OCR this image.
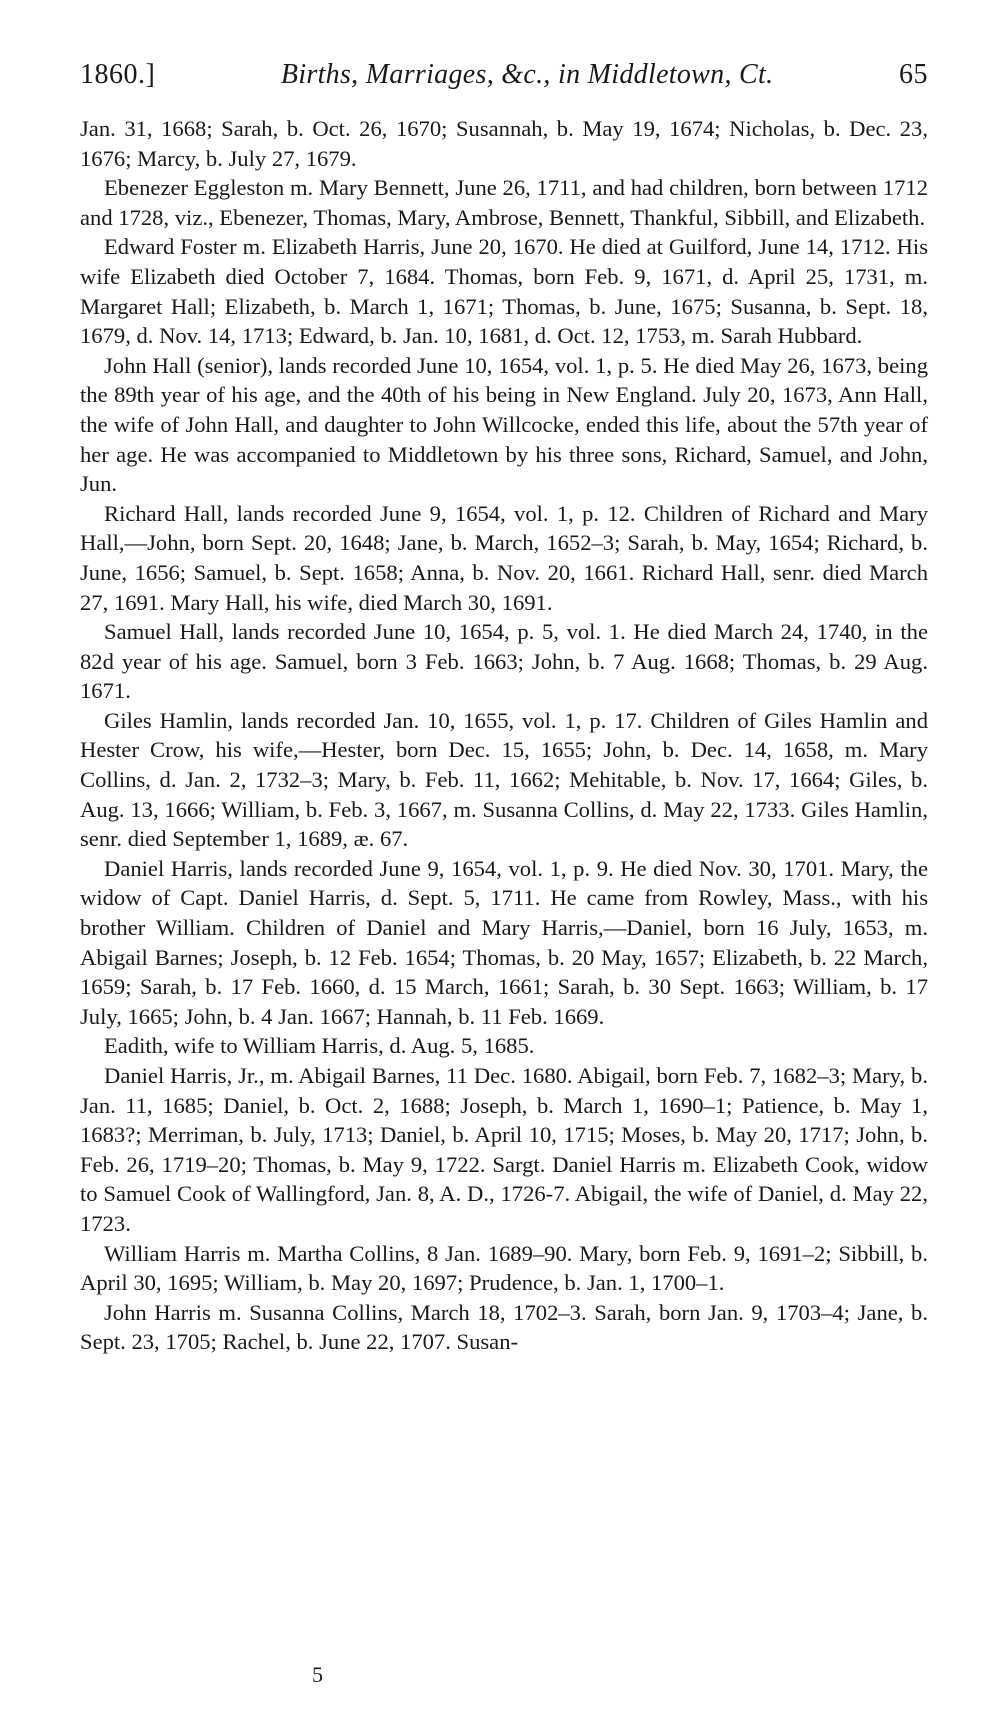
1860.]	Births, Marriages, &c., in Middletown, Ct.	65

Jan. 31, 1668; Sarah, b. Oct. 26, 1670; Susannah, b. May 19, 1674; Nicholas, b. Dec. 23, 1676; Marcy, b. July 27, 1679.

Ebenezer Eggleston m. Mary Bennett, June 26, 1711, and had children, born between 1712 and 1728, viz., Ebenezer, Thomas, Mary, Ambrose, Bennett, Thankful, Sibbill, and Elizabeth.

Edward Foster m. Elizabeth Harris, June 20, 1670. He died at Guilford, June 14, 1712. His wife Elizabeth died October 7, 1684. Thomas, born Feb. 9, 1671, d. April 25, 1731, m. Margaret Hall; Elizabeth, b. March 1, 1671; Thomas, b. June, 1675; Susanna, b. Sept. 18, 1679, d. Nov. 14, 1713; Edward, b. Jan. 10, 1681, d. Oct. 12, 1753, m. Sarah Hubbard.

John Hall (senior), lands recorded June 10, 1654, vol. 1, p. 5. He died May 26, 1673, being the 89th year of his age, and the 40th of his being in New England. July 20, 1673, Ann Hall, the wife of John Hall, and daughter to John Willcocke, ended this life, about the 57th year of her age. He was accompanied to Middletown by his three sons, Richard, Samuel, and John, Jun.

Richard Hall, lands recorded June 9, 1654, vol. 1, p. 12. Children of Richard and Mary Hall,—John, born Sept. 20, 1648; Jane, b. March, 1652–3; Sarah, b. May, 1654; Richard, b. June, 1656; Samuel, b. Sept. 1658; Anna, b. Nov. 20, 1661. Richard Hall, senr. died March 27, 1691. Mary Hall, his wife, died March 30, 1691.

Samuel Hall, lands recorded June 10, 1654, p. 5, vol. 1. He died March 24, 1740, in the 82d year of his age. Samuel, born 3 Feb. 1663; John, b. 7 Aug. 1668; Thomas, b. 29 Aug. 1671.

Giles Hamlin, lands recorded Jan. 10, 1655, vol. 1, p. 17. Children of Giles Hamlin and Hester Crow, his wife,—Hester, born Dec. 15, 1655; John, b. Dec. 14, 1658, m. Mary Collins, d. Jan. 2, 1732–3; Mary, b. Feb. 11, 1662; Mehitable, b. Nov. 17, 1664; Giles, b. Aug. 13, 1666; William, b. Feb. 3, 1667, m. Susanna Collins, d. May 22, 1733. Giles Hamlin, senr. died September 1, 1689, æ. 67.

Daniel Harris, lands recorded June 9, 1654, vol. 1, p. 9. He died Nov. 30, 1701. Mary, the widow of Capt. Daniel Harris, d. Sept. 5, 1711. He came from Rowley, Mass., with his brother William. Children of Daniel and Mary Harris,—Daniel, born 16 July, 1653, m. Abigail Barnes; Joseph, b. 12 Feb. 1654; Thomas, b. 20 May, 1657; Elizabeth, b. 22 March, 1659; Sarah, b. 17 Feb. 1660, d. 15 March, 1661; Sarah, b. 30 Sept. 1663; William, b. 17 July, 1665; John, b. 4 Jan. 1667; Hannah, b. 11 Feb. 1669.

Eadith, wife to William Harris, d. Aug. 5, 1685.

Daniel Harris, Jr., m. Abigail Barnes, 11 Dec. 1680. Abigail, born Feb. 7, 1682–3; Mary, b. Jan. 11, 1685; Daniel, b. Oct. 2, 1688; Joseph, b. March 1, 1690–1; Patience, b. May 1, 1683?; Merriman, b. July, 1713; Daniel, b. April 10, 1715; Moses, b. May 20, 1717; John, b. Feb. 26, 1719–20; Thomas, b. May 9, 1722. Sargt. Daniel Harris m. Elizabeth Cook, widow to Samuel Cook of Wallingford, Jan. 8, A. D., 1726-7. Abigail, the wife of Daniel, d. May 22, 1723.

William Harris m. Martha Collins, 8 Jan. 1689–90. Mary, born Feb. 9, 1691–2; Sibbill, b. April 30, 1695; William, b. May 20, 1697; Prudence, b. Jan. 1, 1700–1.

John Harris m. Susanna Collins, March 18, 1702–3. Sarah, born Jan. 9, 1703–4; Jane, b. Sept. 23, 1705; Rachel, b. June 22, 1707. Susan-

5
